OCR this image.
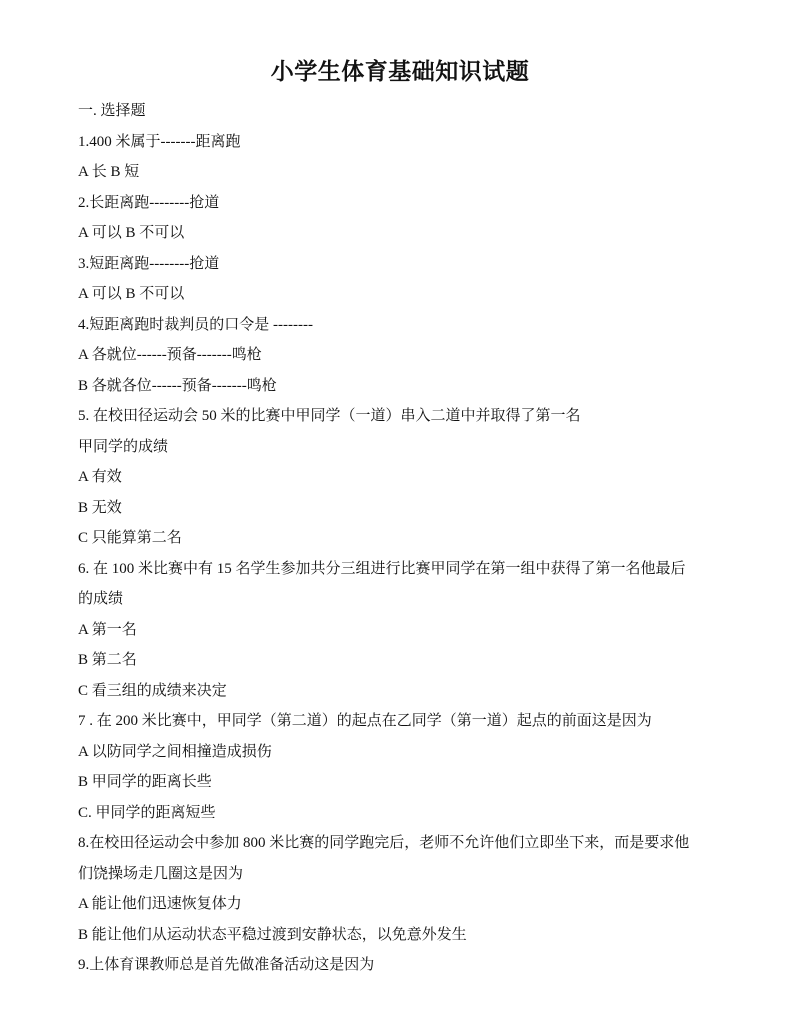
小学生体育基础知识试题
一. 选择题
1.400 米属于-------距离跑
A 长 B 短
2.长距离跑--------抢道
A 可以 B 不可以
3.短距离跑--------抢道
A 可以 B 不可以
4.短距离跑时裁判员的口令是 --------
A 各就位------预备-------鸣枪
B 各就各位------预备-------鸣枪
5. 在校田径运动会 50 米的比赛中甲同学（一道）串入二道中并取得了第一名
甲同学的成绩
A 有效
B 无效
C 只能算第二名
6. 在 100 米比赛中有 15 名学生参加共分三组进行比赛甲同学在第一组中获得了第一名他最后
的成绩
A 第一名
B 第二名
C 看三组的成绩来决定
7 . 在 200 米比赛中，甲同学（第二道）的起点在乙同学（第一道）起点的前面这是因为
A 以防同学之间相撞造成损伤
B 甲同学的距离长些
C. 甲同学的距离短些
8.在校田径运动会中参加 800 米比赛的同学跑完后，老师不允许他们立即坐下来，而是要求他
们饶操场走几圈这是因为
A 能让他们迅速恢复体力
B 能让他们从运动状态平稳过渡到安静状态，以免意外发生
9.上体育课教师总是首先做准备活动这是因为
